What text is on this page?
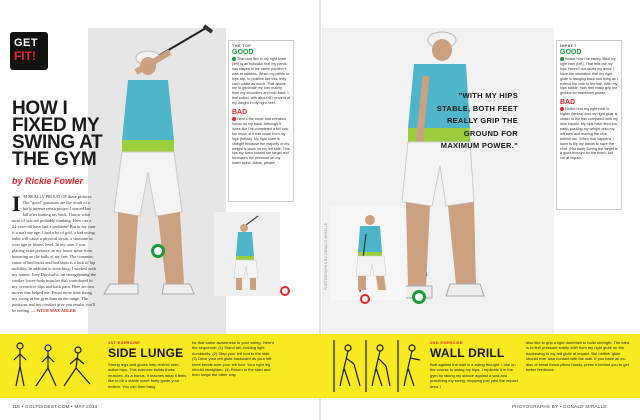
GET
FIT!
HOW I FIXED MY SWING AT THE GYM
by Rickie Fowler
I 'M REALLY PROUD OF these pictures. The "good" positions are the result of a fairly intense rehab project I started last fall after hurting my back. I know what most of you are probably thinking: How can a 24-year-old have had a problem? But in my case it wasn't my age, I had a lot of golf, a bad swing habit will cause a physical strain, a structure in your age or fitness level. In my case, I was placing extra pressure on my lower spine from bouncing on the balls of my feet. The common cause of bad backs and bad shots is a lack of hip mobility. In addition to stretching, I worked with my trainer, Joey Diovisalvi, on strengthening the weaker lower-body muscles that contributed to my overactive hips and back pain. Here are two moves that helped me. Focus more time fixing my swing in the gym than on the range. The positions and my comfort give you results you'll be feeling. — WITH MAX ADLER
THE TOP
GOOD
That nice flex in my right knee (left) is an indicator that my pelvis has stayed in the same position it was at address. When my pelvis or hips slip, to positive like this, they can't rotate as much. That allows me to generate my turn mainly from my shoulders and mid-back. I feel coiled, with about 60 percent of my weight in my right heel.
BAD
Here's the move that wreaked havoc on my back. Although it looks like I've completed a full turn, too much of it has come from my hips (below). My right knee is straight because the majority of my weight is stuck on my left side. This tips my torso toward the target and increases the pressure on my lower spine. Adios, please.
"WITH MY HIPS STABLE, BOTH FEET REALLY GRIP THE GROUND FOR MAXIMUM POWER."
IMPACT
GOOD
Notice how I've barely lifted my right heel (left). That tells me my hips haven't out-raced my arms. I have the sensation that my right glute is hanging back and firing as I extend the club to the ball. With my hips stable, both feet really grip the ground for maximum power.
BAD
Notice how my right heel is higher (below) and my right glute is closer to the ball compared with my new impact. My hips have fired too early, pushing my weight onto my left toes and leaving the club behind me. When that happens, I have to flip my hands to save the shot. (Not bad!) During the target is a good thought for the finish, but not at impact.
PHOTOGRAPHS BY DONALD MIRALLE
1ST EXERCISE
SIDE LUNGE
Strong legs and glutes help restrict over-active hips. This exercise builds those muscles. As a bonus, it teaches what it feels like to hit a stable lower body guide your motion. You can then hang
for that same awareness to your swing. Here's the sequence: (1) Stand tall, holding light dumbbells. (2) Step your left foot to the side. (3) Drive your left glute backward as your left knee bends over your left foot. Your right leg should straighten. (4) Return to the start and then lunge the other way.
2ND EXERCISE
WALL DRILL
Butt against the wall in a swing thought. I use on the course to swing my hips. I replicate it in the gym by taking my stance against a wall and practicing my swing, stopping just past the impact area. I
also like to grip a light dumbbell to build strength. The idea is to feel pressure subtly shift from my right glute on the backswing to my left glute at impact. But neither glute should ever lose contact with the wall. If you have an ex-disc or small throw pillow handy, press it behind you to get better feedback.
118 • GOLFDIGEST.COM • MAY 2013	PHOTOGRAPHS BY • DONALD MIRALLE
